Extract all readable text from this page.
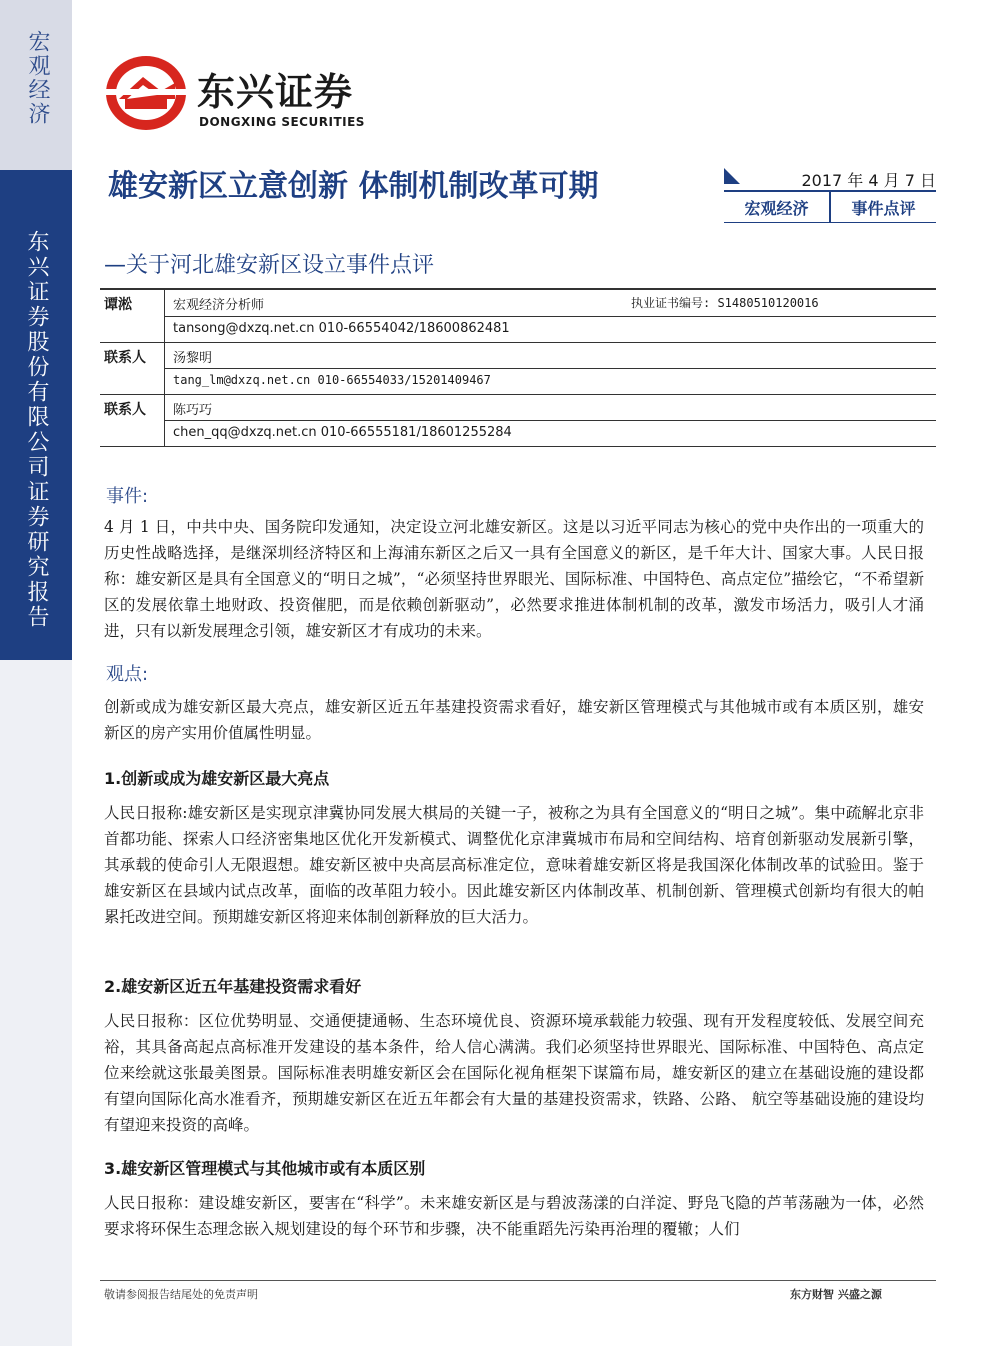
宏观经济
东兴证券股份有限公司证券研究报告
东兴证券
DONGXING SECURITIES
雄安新区立意创新 体制机制改革可期
—关于河北雄安新区设立事件点评
2017 年 4 月 7 日
宏观经济	事件点评
谭淞	宏观经济分析师	执业证书编号: S1480510120016
tansong@dxzq.net.cn 010-66554042/18600862481
联系人	汤黎明
tang_lm@dxzq.net.cn 010-66554033/15201409467
联系人	陈巧巧
chen_qq@dxzq.net.cn 010-66555181/18601255284
事件:
4 月 1 日，中共中央、国务院印发通知，决定设立河北雄安新区。这是以习近平同志为核心的党中央作出的一项重大的历史性战略选择，是继深圳经济特区和上海浦东新区之后又一具有全国意义的新区，是千年大计、国家大事。人民日报称：雄安新区是具有全国意义的“明日之城”，“必须坚持世界眼光、国际标准、中国特色、高点定位”描绘它，“不希望新区的发展依靠土地财政、投资催肥，而是依赖创新驱动”，必然要求推进体制机制的改革，激发市场活力，吸引人才涌进，只有以新发展理念引领，雄安新区才有成功的未来。
观点:
创新或成为雄安新区最大亮点，雄安新区近五年基建投资需求看好，雄安新区管理模式与其他城市或有本质区别，雄安新区的房产实用价值属性明显。
1.创新或成为雄安新区最大亮点
人民日报称:雄安新区是实现京津冀协同发展大棋局的关键一子，被称之为具有全国意义的“明日之城”。集中疏解北京非首都功能、探索人口经济密集地区优化开发新模式、调整优化京津冀城市布局和空间结构、培育创新驱动发展新引擎，其承载的使命引人无限遐想。雄安新区被中央高层高标准定位，意味着雄安新区将是我国深化体制改革的试验田。鉴于雄安新区在县域内试点改革，面临的改革阻力较小。因此雄安新区内体制改革、机制创新、管理模式创新均有很大的帕累托改进空间。预期雄安新区将迎来体制创新释放的巨大活力。
2.雄安新区近五年基建投资需求看好
人民日报称：区位优势明显、交通便捷通畅、生态环境优良、资源环境承载能力较强、现有开发程度较低、发展空间充裕，其具备高起点高标准开发建设的基本条件，给人信心满满。我们必须坚持世界眼光、国际标准、中国特色、高点定位来绘就这张最美图景。国际标准表明雄安新区会在国际化视角框架下谋篇布局，雄安新区的建立在基础设施的建设都有望向国际化高水准看齐，预期雄安新区在近五年都会有大量的基建投资需求，铁路、公路、 航空等基础设施的建设均有望迎来投资的高峰。
3.雄安新区管理模式与其他城市或有本质区别
人民日报称：建设雄安新区，要害在“科学”。未来雄安新区是与碧波荡漾的白洋淀、野凫飞隐的芦苇荡融为一体，必然要求将环保生态理念嵌入规划建设的每个环节和步骤，决不能重蹈先污染再治理的覆辙；人们
敬请参阅报告结尾处的免责声明	东方财智 兴盛之源
